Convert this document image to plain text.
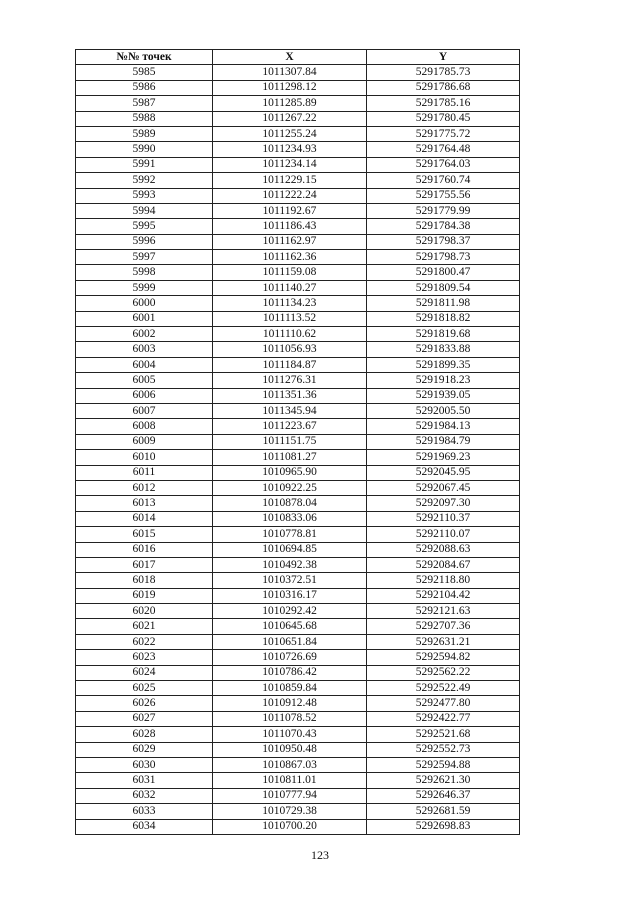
№№ точек	X	Y
5985	1011307.84	5291785.73
5986	1011298.12	5291786.68
5987	1011285.89	5291785.16
5988	1011267.22	5291780.45
5989	1011255.24	5291775.72
5990	1011234.93	5291764.48
5991	1011234.14	5291764.03
5992	1011229.15	5291760.74
5993	1011222.24	5291755.56
5994	1011192.67	5291779.99
5995	1011186.43	5291784.38
5996	1011162.97	5291798.37
5997	1011162.36	5291798.73
5998	1011159.08	5291800.47
5999	1011140.27	5291809.54
6000	1011134.23	5291811.98
6001	1011113.52	5291818.82
6002	1011110.62	5291819.68
6003	1011056.93	5291833.88
6004	1011184.87	5291899.35
6005	1011276.31	5291918.23
6006	1011351.36	5291939.05
6007	1011345.94	5292005.50
6008	1011223.67	5291984.13
6009	1011151.75	5291984.79
6010	1011081.27	5291969.23
6011	1010965.90	5292045.95
6012	1010922.25	5292067.45
6013	1010878.04	5292097.30
6014	1010833.06	5292110.37
6015	1010778.81	5292110.07
6016	1010694.85	5292088.63
6017	1010492.38	5292084.67
6018	1010372.51	5292118.80
6019	1010316.17	5292104.42
6020	1010292.42	5292121.63
6021	1010645.68	5292707.36
6022	1010651.84	5292631.21
6023	1010726.69	5292594.82
6024	1010786.42	5292562.22
6025	1010859.84	5292522.49
6026	1010912.48	5292477.80
6027	1011078.52	5292422.77
6028	1011070.43	5292521.68
6029	1010950.48	5292552.73
6030	1010867.03	5292594.88
6031	1010811.01	5292621.30
6032	1010777.94	5292646.37
6033	1010729.38	5292681.59
6034	1010700.20	5292698.83
123
